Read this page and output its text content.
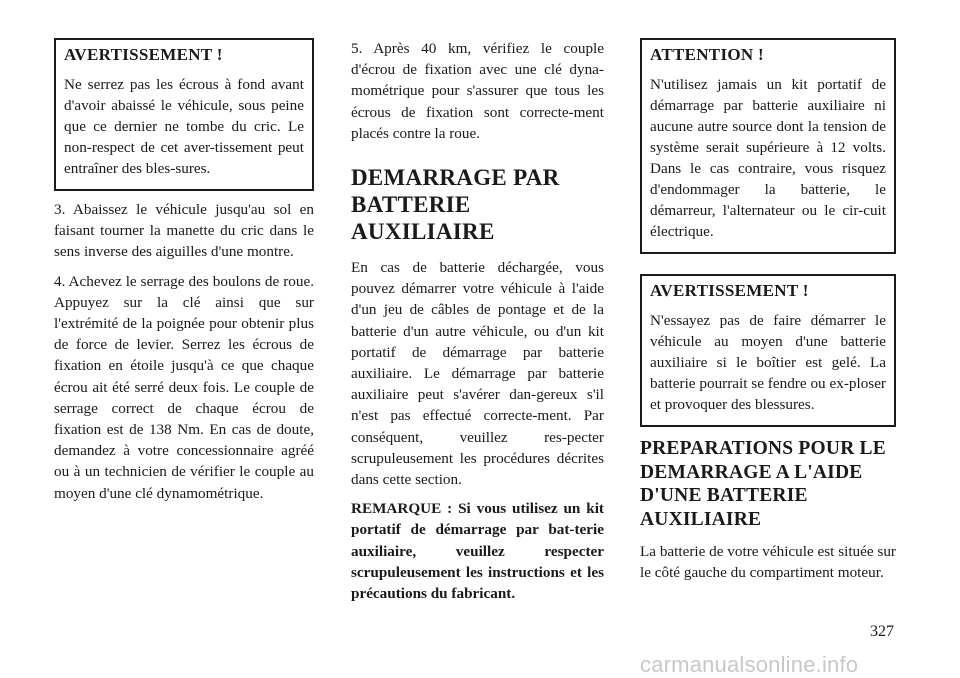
AVERTISSEMENT !

Ne serrez pas les écrous à fond avant d'avoir abaissé le véhicule, sous peine que ce dernier ne tombe du cric. Le non-respect de cet aver-tissement peut entraîner des bles-sures.

3. Abaissez le véhicule jusqu'au sol en faisant tourner la manette du cric dans le sens inverse des aiguilles d'une montre.

4. Achevez le serrage des boulons de roue. Appuyez sur la clé ainsi que sur l'extrémité de la poignée pour obtenir plus de force de levier. Serrez les écrous de fixation en étoile jusqu'à ce que chaque écrou ait été serré deux fois. Le couple de serrage correct de chaque écrou de fixation est de 138 Nm. En cas de doute, demandez à votre concessionnaire agréé ou à un technicien de vérifier le couple au moyen d'une clé dynamométrique.

5. Après 40 km, vérifiez le couple d'écrou de fixation avec une clé dyna-mométrique pour s'assurer que tous les écrous de fixation sont correcte-ment placés contre la roue.

DEMARRAGE PAR BATTERIE AUXILIAIRE

En cas de batterie déchargée, vous pouvez démarrer votre véhicule à l'aide d'un jeu de câbles de pontage et de la batterie d'un autre véhicule, ou d'un kit portatif de démarrage par batterie auxiliaire. Le démarrage par batterie auxiliaire peut s'avérer dan-gereux s'il n'est pas effectué correcte-ment. Par conséquent, veuillez res-pecter scrupuleusement les procédures décrites dans cette section.

REMARQUE : Si vous utilisez un kit portatif de démarrage par bat-terie auxiliaire, veuillez respecter scrupuleusement les instructions et les précautions du fabricant.

ATTENTION !

N'utilisez jamais un kit portatif de démarrage par batterie auxiliaire ni aucune autre source dont la tension de système serait supérieure à 12 volts. Dans le cas contraire, vous risquez d'endommager la batterie, le démarreur, l'alternateur ou le cir-cuit électrique.

AVERTISSEMENT !

N'essayez pas de faire démarrer le véhicule au moyen d'une batterie auxiliaire si le boîtier est gelé. La batterie pourrait se fendre ou ex-ploser et provoquer des blessures.

PREPARATIONS POUR LE DEMARRAGE A L'AIDE D'UNE BATTERIE AUXILIAIRE

La batterie de votre véhicule est située sur le côté gauche du compartiment moteur.

327
carmanualsonline.info
